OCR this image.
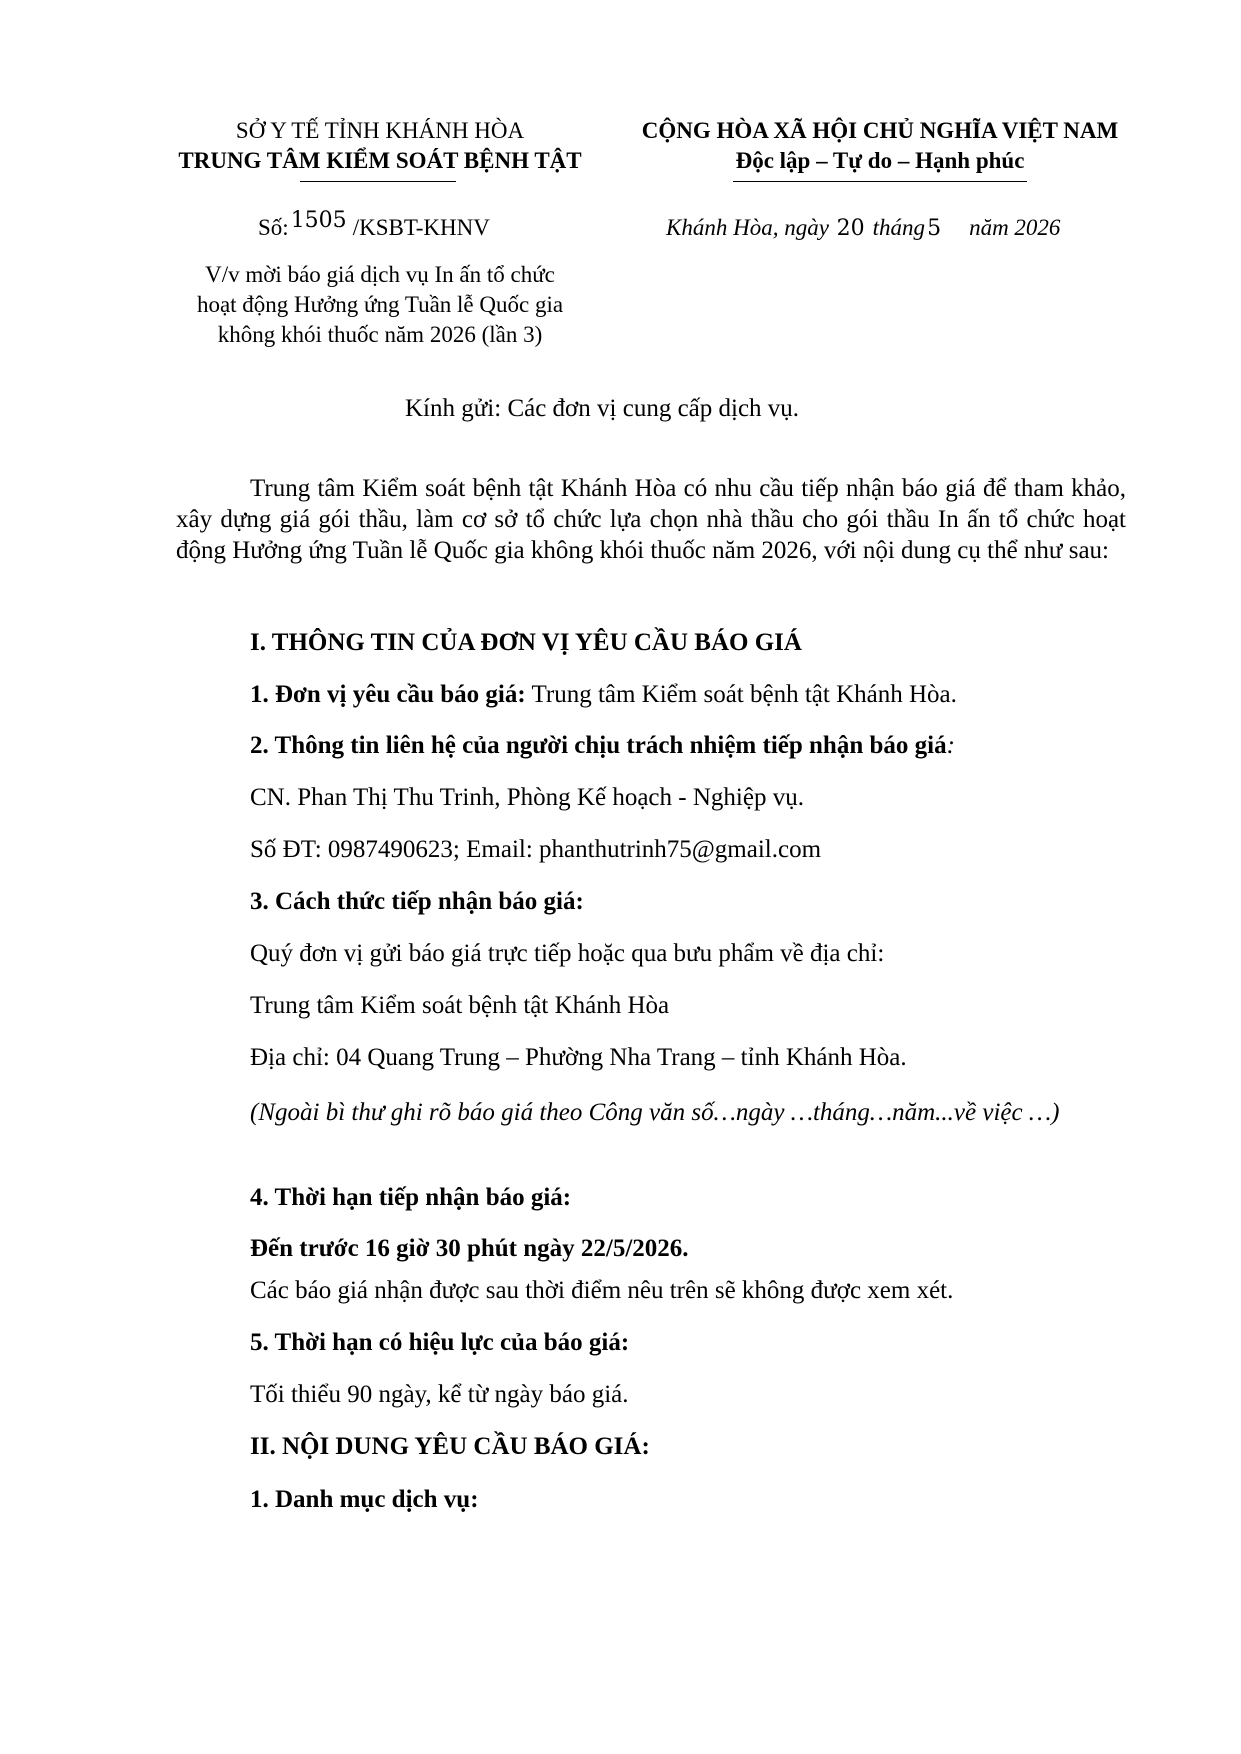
SỞ Y TẾ TỈNH KHÁNH HÒA
TRUNG TÂM KIỂM SOÁT BỆNH TẬT
Số:1505 /KSBT-KHNV
V/v mời báo giá dịch vụ In ấn tổ chức
hoạt động Hưởng ứng Tuần lễ Quốc gia
không khói thuốc năm 2026 (lần 3)
CỘNG HÒA XÃ HỘI CHỦ NGHĨA VIỆT NAM
Độc lập – Tự do – Hạnh phúc
Khánh Hòa, ngày 20 tháng5 năm 2026
Kính gửi: Các đơn vị cung cấp dịch vụ.
Trung tâm Kiểm soát bệnh tật Khánh Hòa có nhu cầu tiếp nhận báo giá để tham khảo, xây dựng giá gói thầu, làm cơ sở tổ chức lựa chọn nhà thầu cho gói thầu In ấn tổ chức hoạt động Hưởng ứng Tuần lễ Quốc gia không khói thuốc năm 2026, với nội dung cụ thể như sau:
I. THÔNG TIN CỦA ĐƠN VỊ YÊU CẦU BÁO GIÁ
1. Đơn vị yêu cầu báo giá: Trung tâm Kiểm soát bệnh tật Khánh Hòa.
2. Thông tin liên hệ của người chịu trách nhiệm tiếp nhận báo giá:
CN. Phan Thị Thu Trinh, Phòng Kế hoạch - Nghiệp vụ.
Số ĐT: 0987490623; Email: phanthutrinh75@gmail.com
3. Cách thức tiếp nhận báo giá:
Quý đơn vị gửi báo giá trực tiếp hoặc qua bưu phẩm về địa chỉ:
Trung tâm Kiểm soát bệnh tật Khánh Hòa
Địa chỉ: 04 Quang Trung – Phường Nha Trang – tỉnh Khánh Hòa.
(Ngoài bì thư ghi rõ báo giá theo Công văn số…ngày …tháng…năm...về việc …)
4. Thời hạn tiếp nhận báo giá:
Đến trước 16 giờ 30 phút ngày 22/5/2026.
Các báo giá nhận được sau thời điểm nêu trên sẽ không được xem xét.
5. Thời hạn có hiệu lực của báo giá:
Tối thiểu 90 ngày, kể từ ngày báo giá.
II. NỘI DUNG YÊU CẦU BÁO GIÁ:
1. Danh mục dịch vụ:
